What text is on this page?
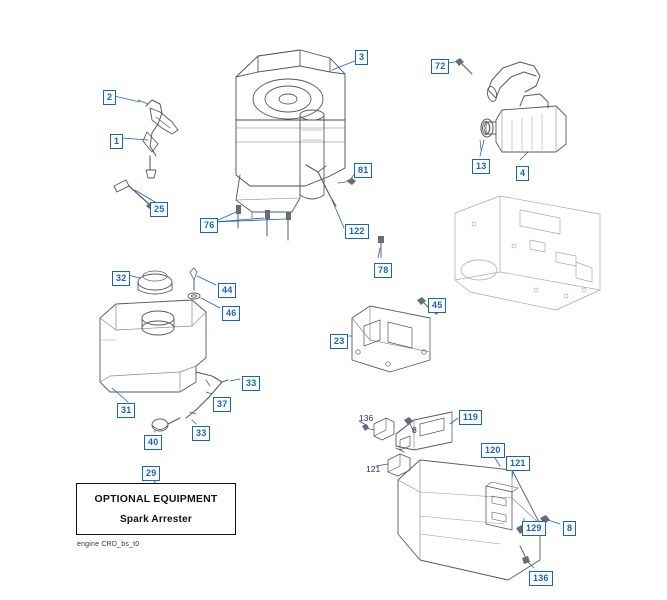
OPTIONAL EQUIPMENT
Spark Arrester
engine CRD_bs_t0
2
1
25
3
81
76
122
78
72
13
4
32
44
46
31
40
33
37
33
45
23
119
120
121
129	8
136
29
136
8
121
